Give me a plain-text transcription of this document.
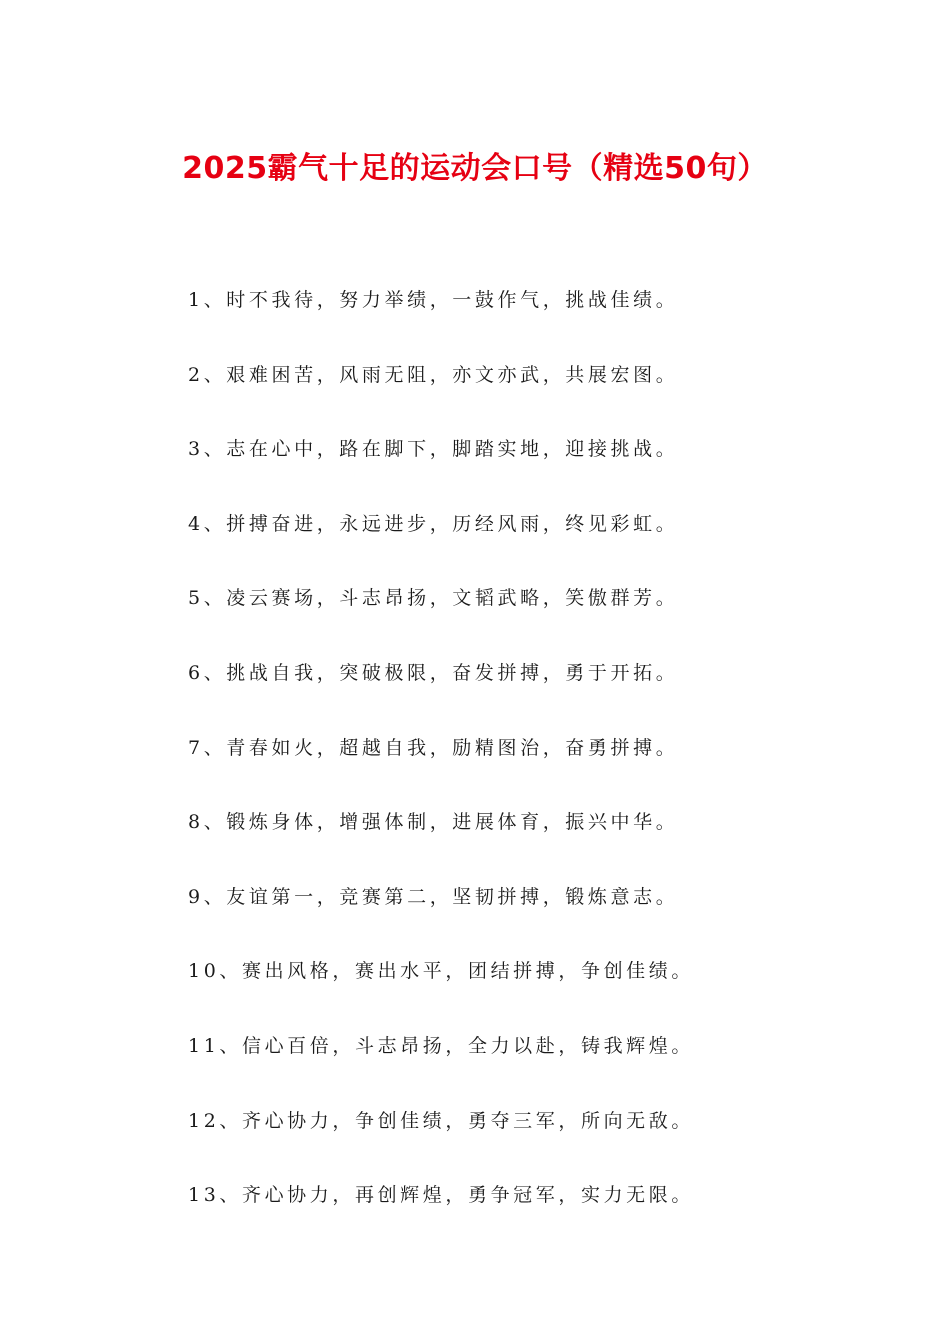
2025霸气十足的运动会口号（精选50句）
1、时不我待，努力举绩，一鼓作气，挑战佳绩。
2、艰难困苦，风雨无阻，亦文亦武，共展宏图。
3、志在心中，路在脚下，脚踏实地，迎接挑战。
4、拼搏奋进，永远进步，历经风雨，终见彩虹。
5、凌云赛场，斗志昂扬，文韬武略，笑傲群芳。
6、挑战自我，突破极限，奋发拼搏，勇于开拓。
7、青春如火，超越自我，励精图治，奋勇拼搏。
8、锻炼身体，增强体制，进展体育，振兴中华。
9、友谊第一，竞赛第二，坚韧拼搏，锻炼意志。
10、赛出风格，赛出水平，团结拼搏，争创佳绩。
11、信心百倍，斗志昂扬，全力以赴，铸我辉煌。
12、齐心协力，争创佳绩，勇夺三军，所向无敌。
13、齐心协力，再创辉煌，勇争冠军，实力无限。
